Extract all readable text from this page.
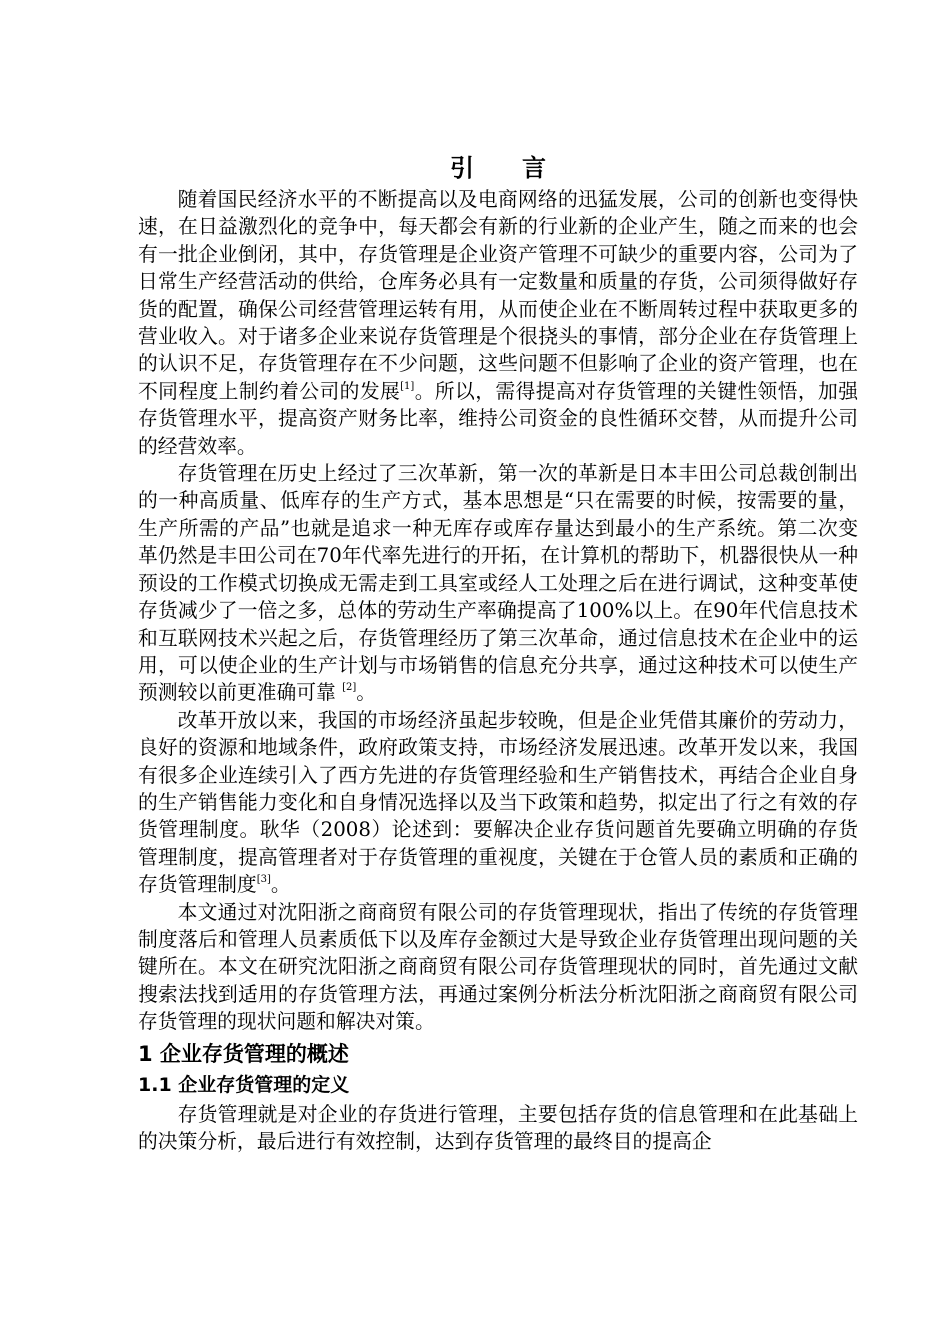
引言

随着国民经济水平的不断提高以及电商网络的迅猛发展，公司的创新也变得快速，在日益激烈化的竞争中，每天都会有新的行业新的企业产生，随之而来的也会有一批企业倒闭，其中，存货管理是企业资产管理不可缺少的重要内容，公司为了日常生产经营活动的供给，仓库务必具有一定数量和质量的存货，公司须得做好存货的配置，确保公司经营管理运转有用，从而使企业在不断周转过程中获取更多的营业收入。对于诸多企业来说存货管理是个很挠头的事情，部分企业在存货管理上的认识不足，存货管理存在不少问题，这些问题不但影响了企业的资产管理，也在不同程度上制约着公司的发展[1]。所以，需得提高对存货管理的关键性领悟，加强存货管理水平，提高资产财务比率，维持公司资金的良性循环交替，从而提升公司的经营效率。

存货管理在历史上经过了三次革新，第一次的革新是日本丰田公司总裁创制出的一种高质量、低库存的生产方式，基本思想是“只在需要的时候，按需要的量，生产所需的产品”也就是追求一种无库存或库存量达到最小的生产系统。第二次变革仍然是丰田公司在70年代率先进行的开拓，在计算机的帮助下，机器很快从一种预设的工作模式切换成无需走到工具室或经人工处理之后在进行调试，这种变革使存货减少了一倍之多，总体的劳动生产率确提高了100%以上。在90年代信息技术和互联网技术兴起之后，存货管理经历了第三次革命，通过信息技术在企业中的运用，可以使企业的生产计划与市场销售的信息充分共享，通过这种技术可以使生产预测较以前更准确可靠 [2]。

改革开放以来，我国的市场经济虽起步较晚，但是企业凭借其廉价的劳动力，良好的资源和地域条件，政府政策支持，市场经济发展迅速。改革开发以来，我国有很多企业连续引入了西方先进的存货管理经验和生产销售技术，再结合企业自身的生产销售能力变化和自身情况选择以及当下政策和趋势，拟定出了行之有效的存货管理制度。耿华（2008）论述到：要解决企业存货问题首先要确立明确的存货管理制度，提高管理者对于存货管理的重视度，关键在于仓管人员的素质和正确的存货管理制度[3]。

本文通过对沈阳浙之商商贸有限公司的存货管理现状，指出了传统的存货管理制度落后和管理人员素质低下以及库存金额过大是导致企业存货管理出现问题的关键所在。本文在研究沈阳浙之商商贸有限公司存货管理现状的同时，首先通过文献搜索法找到适用的存货管理方法，再通过案例分析法分析沈阳浙之商商贸有限公司存货管理的现状问题和解决对策。

1 企业存货管理的概述
1.1 企业存货管理的定义

存货管理就是对企业的存货进行管理，主要包括存货的信息管理和在此基础上的决策分析，最后进行有效控制，达到存货管理的最终目的提高企
